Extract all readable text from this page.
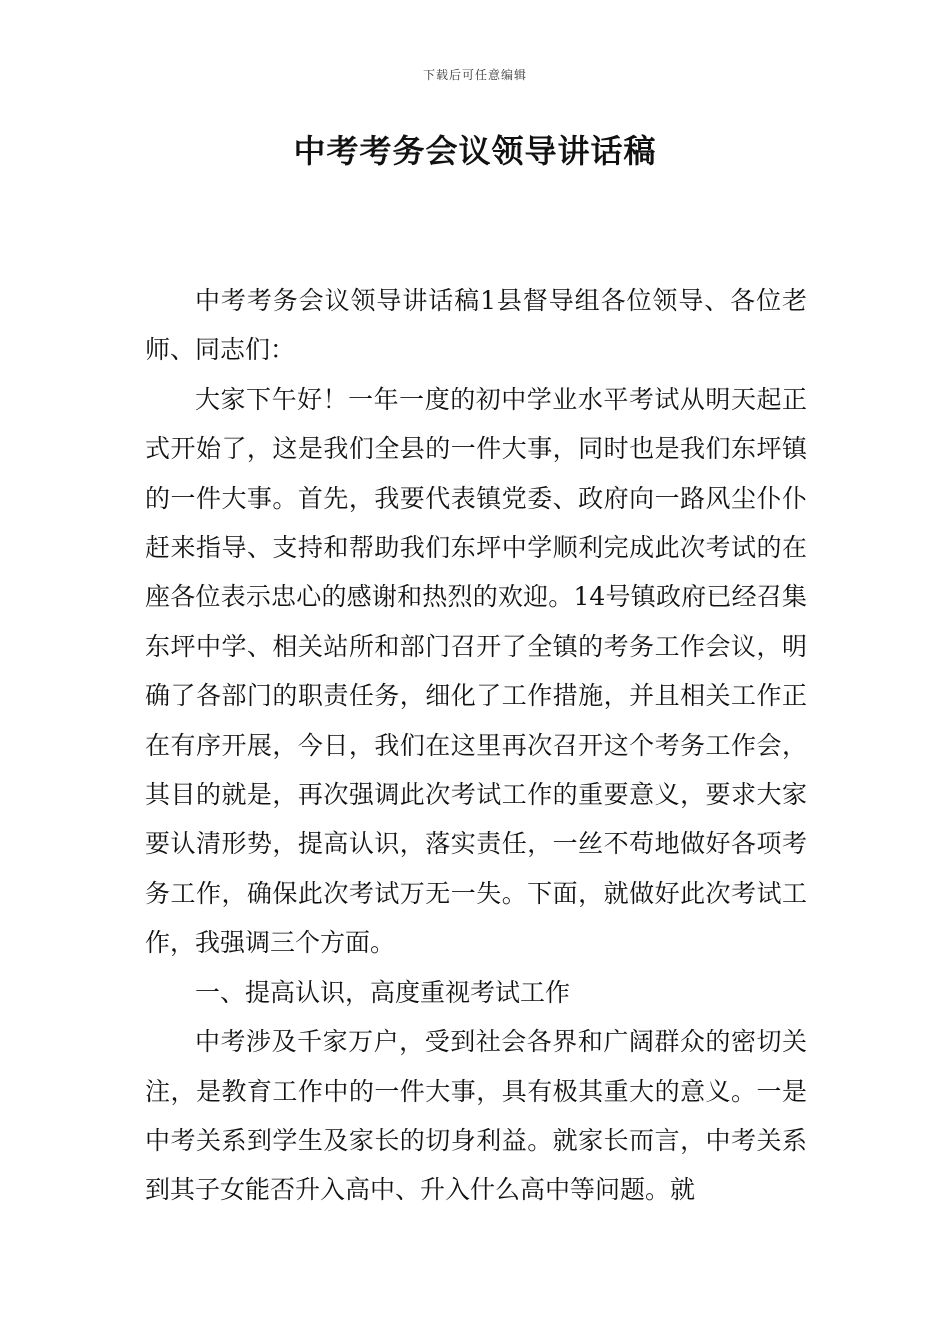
下载后可任意编辑
中考考务会议领导讲话稿

中考考务会议领导讲话稿1县督导组各位领导、各位老师、同志们：

大家下午好！一年一度的初中学业水平考试从明天起正式开始了，这是我们全县的一件大事，同时也是我们东坪镇的一件大事。首先，我要代表镇党委、政府向一路风尘仆仆赶来指导、支持和帮助我们东坪中学顺利完成此次考试的在座各位表示忠心的感谢和热烈的欢迎。14号镇政府已经召集东坪中学、相关站所和部门召开了全镇的考务工作会议，明确了各部门的职责任务，细化了工作措施，并且相关工作正在有序开展，今日，我们在这里再次召开这个考务工作会，其目的就是，再次强调此次考试工作的重要意义，要求大家要认清形势，提高认识，落实责任，一丝不苟地做好各项考务工作，确保此次考试万无一失。下面，就做好此次考试工作，我强调三个方面。

一、提高认识，高度重视考试工作

中考涉及千家万户，受到社会各界和广阔群众的密切关注，是教育工作中的一件大事，具有极其重大的意义。一是中考关系到学生及家长的切身利益。就家长而言，中考关系到其子女能否升入高中、升入什么高中等问题。就
